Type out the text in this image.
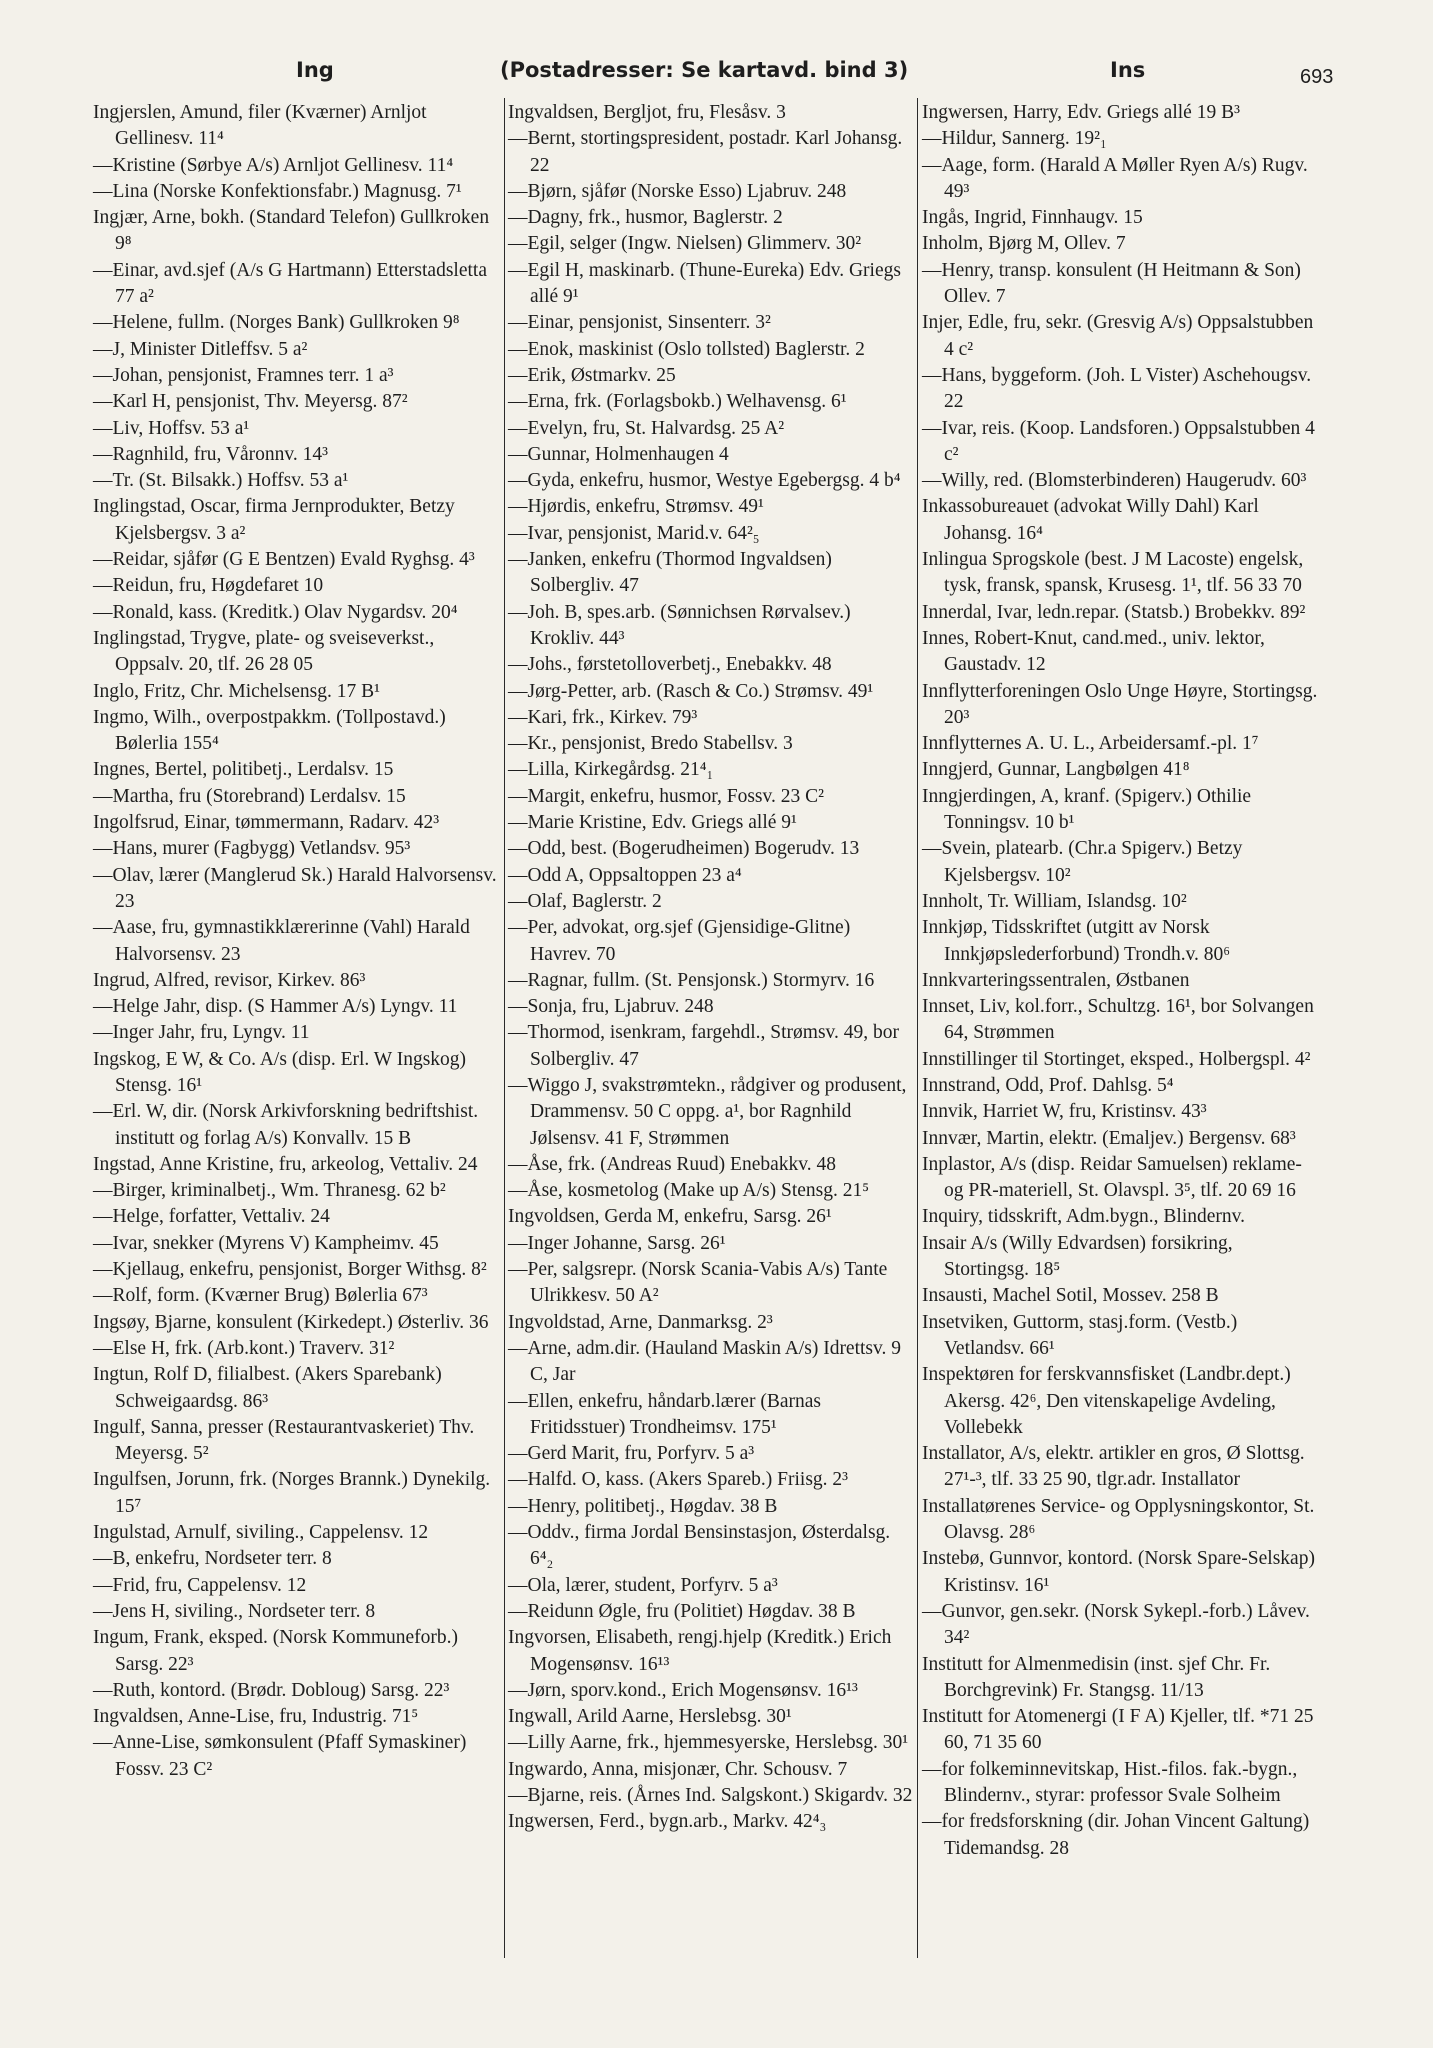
Ing	(Postadresser: Se kartavd. bind 3)	Ins	693
Ingjerslen, Amund, filer (Kværner) Arnljot Gellinesv. 11⁴
—Kristine (Sørbye A/s) Arnljot Gellinesv. 11⁴
—Lina (Norske Konfektionsfabr.) Magnusg. 7¹
Ingjær, Arne, bokh. (Standard Telefon) Gullkroken 9⁸
—Einar, avd.sjef (A/s G Hartmann) Etterstadsletta 77 a²
—Helene, fullm. (Norges Bank) Gullkroken 9⁸
—J, Minister Ditleffsv. 5 a²
—Johan, pensjonist, Framnes terr. 1 a³
—Karl H, pensjonist, Thv. Meyersg. 87²
—Liv, Hoffsv. 53 a¹
—Ragnhild, fru, Våronnv. 14³
—Tr. (St. Bilsakk.) Hoffsv. 53 a¹
Inglingstad, Oscar, firma Jernprodukter, Betzy Kjelsbergsv. 3 a²
—Reidar, sjåfør (G E Bentzen) Evald Ryghsg. 4³
—Reidun, fru, Høgdefaret 10
—Ronald, kass. (Kreditk.) Olav Nygardsv. 20⁴
Inglingstad, Trygve, plate- og sveiseverkst., Oppsalv. 20, tlf. 26 28 05
Inglo, Fritz, Chr. Michelsensg. 17 B¹
Ingmo, Wilh., overpostpakkm. (Tollpostavd.) Bølerlia 155⁴
Ingnes, Bertel, politibetj., Lerdalsv. 15
—Martha, fru (Storebrand) Lerdalsv. 15
Ingolfsrud, Einar, tømmermann, Radarv. 42³
—Hans, murer (Fagbygg) Vetlandsv. 95³
—Olav, lærer (Manglerud Sk.) Harald Halvorsensv. 23
—Aase, fru, gymnastikklærerinne (Vahl) Harald Halvorsensv. 23
Ingrud, Alfred, revisor, Kirkev. 86³
—Helge Jahr, disp. (S Hammer A/s) Lyngv. 11
—Inger Jahr, fru, Lyngv. 11
Ingskog, E W, & Co. A/s (disp. Erl. W Ingskog) Stensg. 16¹
—Erl. W, dir. (Norsk Arkivforskning bedriftshist. institutt og forlag A/s) Konvallv. 15 B
Ingstad, Anne Kristine, fru, arkeolog, Vettaliv. 24
—Birger, kriminalbetj., Wm. Thranesg. 62 b²
—Helge, forfatter, Vettaliv. 24
—Ivar, snekker (Myrens V) Kampheimv. 45
—Kjellaug, enkefru, pensjonist, Borger Withsg. 8²
—Rolf, form. (Kværner Brug) Bølerlia 67³
Ingsøy, Bjarne, konsulent (Kirkedept.) Østerliv. 36
—Else H, frk. (Arb.kont.) Traverv. 31²
Ingtun, Rolf D, filialbest. (Akers Sparebank) Schweigaardsg. 86³
Ingulf, Sanna, presser (Restaurantvaskeriet) Thv. Meyersg. 5²
Ingulfsen, Jorunn, frk. (Norges Brannk.) Dynekilg. 15⁷
Ingulstad, Arnulf, siviling., Cappelensv. 12
—B, enkefru, Nordseter terr. 8
—Frid, fru, Cappelensv. 12
—Jens H, siviling., Nordseter terr. 8
Ingum, Frank, eksped. (Norsk Kommuneforb.) Sarsg. 22³
—Ruth, kontord. (Brødr. Dobloug) Sarsg. 22³
Ingvaldsen, Anne-Lise, fru, Industrig. 71⁵
—Anne-Lise, sømkonsulent (Pfaff Symaskiner) Fossv. 23 C²
Ingvaldsen, Bergljot, fru, Flesåsv. 3
—Bernt, stortingspresident, postadr. Karl Johansg. 22
—Bjørn, sjåfør (Norske Esso) Ljabruv. 248
—Dagny, frk., husmor, Baglerstr. 2
—Egil, selger (Ingw. Nielsen) Glimmerv. 30²
—Egil H, maskinarb. (Thune-Eureka) Edv. Griegs allé 9¹
—Einar, pensjonist, Sinsenterr. 3²
—Enok, maskinist (Oslo tollsted) Baglerstr. 2
—Erik, Østmarkv. 25
—Erna, frk. (Forlagsbokb.) Welhavensg. 6¹
—Evelyn, fru, St. Halvardsg. 25 A²
—Gunnar, Holmenhaugen 4
—Gyda, enkefru, husmor, Westye Egebergsg. 4 b⁴
—Hjørdis, enkefru, Strømsv. 49¹
—Ivar, pensjonist, Marid.v. 64²₅
—Janken, enkefru (Thormod Ingvaldsen) Solbergliv. 47
—Joh. B, spes.arb. (Sønnichsen Rørvalsev.) Krokliv. 44³
—Johs., førstetolloverbetj., Enebakkv. 48
—Jørg-Petter, arb. (Rasch & Co.) Strømsv. 49¹
—Kari, frk., Kirkev. 79³
—Kr., pensjonist, Bredo Stabellsv. 3
—Lilla, Kirkegårdsg. 21⁴₁
—Margit, enkefru, husmor, Fossv. 23 C²
—Marie Kristine, Edv. Griegs allé 9¹
—Odd, best. (Bogerudheimen) Bogerudv. 13
—Odd A, Oppsaltoppen 23 a⁴
—Olaf, Baglerstr. 2
—Per, advokat, org.sjef (Gjensidige-Glitne) Havrev. 70
—Ragnar, fullm. (St. Pensjonsk.) Stormyrv. 16
—Sonja, fru, Ljabruv. 248
—Thormod, isenkram, fargehdl., Strømsv. 49, bor Solbergliv. 47
—Wiggo J, svakstrømtekn., rådgiver og produsent, Drammensv. 50 C oppg. a¹, bor Ragnhild Jølsensv. 41 F, Strømmen
—Åse, frk. (Andreas Ruud) Enebakkv. 48
—Åse, kosmetolog (Make up A/s) Stensg. 21⁵
Ingvoldsen, Gerda M, enkefru, Sarsg. 26¹
—Inger Johanne, Sarsg. 26¹
—Per, salgsrepr. (Norsk Scania-Vabis A/s) Tante Ulrikkesv. 50 A²
Ingvoldstad, Arne, Danmarksg. 2³
—Arne, adm.dir. (Hauland Maskin A/s) Idrettsv. 9 C, Jar
—Ellen, enkefru, håndarb.lærer (Barnas Fritidsstuer) Trondheimsv. 175¹
—Gerd Marit, fru, Porfyrv. 5 a³
—Halfd. O, kass. (Akers Spareb.) Friisg. 2³
—Henry, politibetj., Høgdav. 38 B
—Oddv., firma Jordal Bensinstasjon, Østerdalsg. 6⁴₂
—Ola, lærer, student, Porfyrv. 5 a³
—Reidunn Øgle, fru (Politiet) Høgdav. 38 B
Ingvorsen, Elisabeth, rengj.hjelp (Kreditk.) Erich Mogensønsv. 16¹³
—Jørn, sporv.kond., Erich Mogensønsv. 16¹³
Ingwall, Arild Aarne, Herslebsg. 30¹
—Lilly Aarne, frk., hjemmesyerske, Herslebsg. 30¹
Ingwardo, Anna, misjonær, Chr. Schousv. 7
—Bjarne, reis. (Årnes Ind. Salgskont.) Skigardv. 32
Ingwersen, Ferd., bygn.arb., Markv. 42⁴₃
Ingwersen, Harry, Edv. Griegs allé 19 B³
—Hildur, Sannerg. 19²₁
—Aage, form. (Harald A Møller Ryen A/s) Rugv. 49³
Ingås, Ingrid, Finnhaugv. 15
Inholm, Bjørg M, Ollev. 7
—Henry, transp. konsulent (H Heitmann & Son) Ollev. 7
Injer, Edle, fru, sekr. (Gresvig A/s) Oppsalstubben 4 c²
—Hans, byggeform. (Joh. L Vister) Aschehougsv. 22
—Ivar, reis. (Koop. Landsforen.) Oppsalstubben 4 c²
—Willy, red. (Blomsterbinderen) Haugerudv. 60³
Inkassobureauet (advokat Willy Dahl) Karl Johansg. 16⁴
Inlingua Sprogskole (best. J M Lacoste) engelsk, tysk, fransk, spansk, Krusesg. 1¹, tlf. 56 33 70
Innerdal, Ivar, ledn.repar. (Statsb.) Brobekkv. 89²
Innes, Robert-Knut, cand.med., univ. lektor, Gaustadv. 12
Innflytterforeningen Oslo Unge Høyre, Stortingsg. 20³
Innflytternes A. U. L., Arbeidersamf.-pl. 1⁷
Inngjerd, Gunnar, Langbølgen 41⁸
Inngjerdingen, A, kranf. (Spigerv.) Othilie Tonningsv. 10 b¹
—Svein, platearb. (Chr.a Spigerv.) Betzy Kjelsbergsv. 10²
Innholt, Tr. William, Islandsg. 10²
Innkjøp, Tidsskriftet (utgitt av Norsk Innkjøpslederforbund) Trondh.v. 80⁶
Innkvarteringssentralen, Østbanen
Innset, Liv, kol.forr., Schultzg. 16¹, bor Solvangen 64, Strømmen
Innstillinger til Stortinget, eksped., Holbergspl. 4²
Innstrand, Odd, Prof. Dahlsg. 5⁴
Innvik, Harriet W, fru, Kristinsv. 43³
Innvær, Martin, elektr. (Emaljev.) Bergensv. 68³
Inplastor, A/s (disp. Reidar Samuelsen) reklame- og PR-materiell, St. Olavspl. 3⁵, tlf. 20 69 16
Inquiry, tidsskrift, Adm.bygn., Blindernv.
Insair A/s (Willy Edvardsen) forsikring, Stortingsg. 18⁵
Insausti, Machel Sotil, Mossev. 258 B
Insetviken, Guttorm, stasj.form. (Vestb.) Vetlandsv. 66¹
Inspektøren for ferskvannsfisket (Landbr.dept.) Akersg. 42⁶, Den vitenskapelige Avdeling, Vollebekk
Installator, A/s, elektr. artikler en gros, Ø Slottsg. 27¹-³, tlf. 33 25 90, tlgr.adr. Installator
Installatørenes Service- og Opplysningskontor, St. Olavsg. 28⁶
Instebø, Gunnvor, kontord. (Norsk Spare-Selskap) Kristinsv. 16¹
—Gunvor, gen.sekr. (Norsk Sykepl.-forb.) Låvev. 34²
Institutt for Almenmedisin (inst. sjef Chr. Fr. Borchgrevink) Fr. Stangsg. 11/13
Institutt for Atomenergi (I F A) Kjeller, tlf. *71 25 60, 71 35 60
—for folkeminnevitskap, Hist.-filos. fak.-bygn., Blindernv., styrar: professor Svale Solheim
—for fredsforskning (dir. Johan Vincent Galtung) Tidemandsg. 28
